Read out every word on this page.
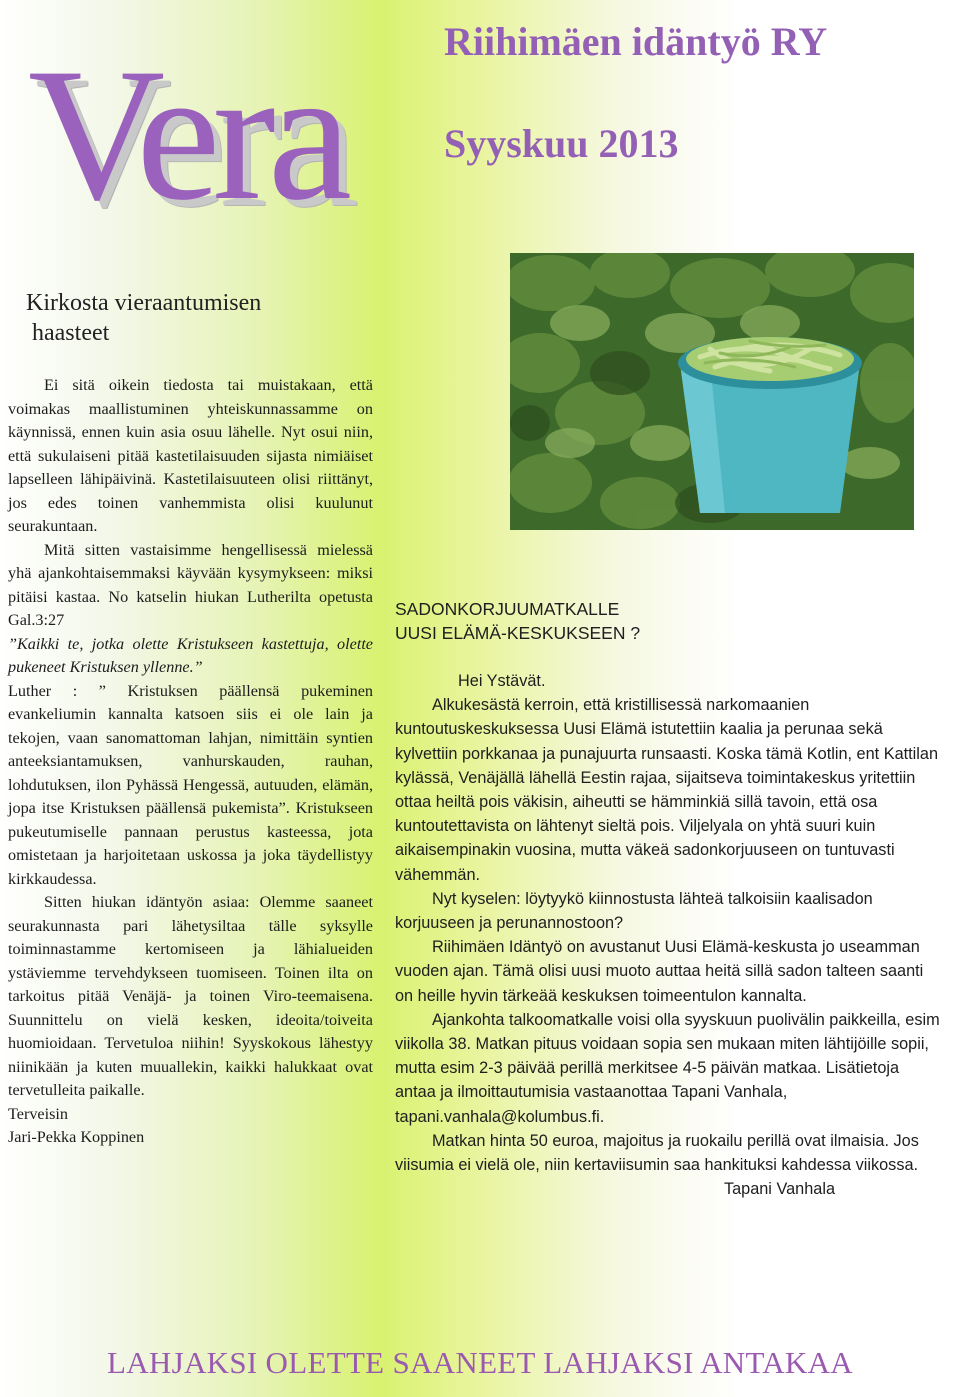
Vera Riihimäen idäntyö RY
Syyskuu 2013
Kirkosta vieraantumisen
haasteet

Ei sitä oikein tiedosta tai muistakaan, että voimakas maallistuminen yhteiskunnassamme on käynnissä, ennen kuin asia osuu lähelle. Nyt osui niin, että sukulaiseni pitää kastetilaisuuden sijasta nimiäiset lapselleen lähipäivinä. Kastetilaisuuteen olisi riittänyt, jos edes toinen vanhemmista olisi kuulunut seurakuntaan.

Mitä sitten vastaisimme hengellisessä mielessä yhä ajankohtaisemmaksi käyvään kysymykseen: miksi pitäisi kastaa. No katselin hiukan Lutherilta opetusta Gal.3:27

”Kaikki te, jotka olette Kristukseen kastettuja, olette pukeneet Kristuksen yllenne.”

Luther : ” Kristuksen päällensä pukeminen evankeliumin kannalta katsoen siis ei ole lain ja tekojen, vaan sanomattoman lahjan, nimittäin syntien anteeksiantamuksen, vanhurskauden, rauhan, lohdutuksen, ilon Pyhässä Hengessä, autuuden, elämän, jopa itse Kristuksen päällensä pukemista”. Kristukseen pukeutumiselle pannaan perustus kasteessa, jota omistetaan ja harjoitetaan uskossa ja joka täydellistyy kirkkaudessa.

Sitten hiukan idäntyön asiaa: Olemme saaneet seurakunnasta pari lähetysiltaa tälle syksylle toiminnastamme kertomiseen ja lähialueiden ystäviemme tervehdykseen tuomiseen. Toinen ilta on tarkoitus pitää Venäjä- ja toinen Viro-teemaisena. Suunnittelu on vielä kesken, ideoita/toiveita huomioidaan. Tervetuloa niihin! Syyskokous lähestyy niinikään ja kuten muuallekin, kaikki halukkaat ovat tervetulleita paikalle.

Terveisin

Jari-Pekka Koppinen

SADONKORJUUMATKALLE
UUSI ELÄMÄ-KESKUKSEEN ?

Hei Ystävät.

Alkukesästä kerroin, että kristillisessä narkomaanien kuntoutuskeskuksessa Uusi Elämä istutettiin kaalia ja perunaa sekä kylvettiin porkkanaa ja punajuurta runsaasti. Koska tämä Kotlin, ent Kattilan kylässä, Venäjällä lähellä Eestin rajaa, sijaitseva toimintakeskus yritettiin ottaa heiltä pois väkisin, aiheutti se hämminkiä sillä tavoin, että osa kuntoutettavista on lähtenyt sieltä pois. Viljelyala on yhtä suuri kuin aikaisempinakin vuosina, mutta väkeä sadonkorjuuseen on tuntuvasti vähemmän.

Nyt kyselen: löytyykö kiinnostusta lähteä talkoisiin kaalisadon korjuuseen ja perunannostoon?

Riihimäen Idäntyö on avustanut Uusi Elämä-keskusta jo useamman vuoden ajan. Tämä olisi uusi muoto auttaa heitä sillä sadon talteen saanti on heille hyvin tärkeää keskuksen toimeentulon kannalta.

Ajankohta talkoomatkalle voisi olla syyskuun puolivälin paikkeilla, esim viikolla 38. Matkan pituus voidaan sopia sen mukaan miten lähtijöille sopii, mutta esim 2-3 päivää perillä merkitsee 4-5 päivän matkaa. Lisätietoja antaa ja ilmoittautumisia vastaanottaa Tapani Vanhala, tapani.vanhala@kolumbus.fi.

Matkan hinta 50 euroa, majoitus ja ruokailu perillä ovat ilmaisia. Jos viisumia ei vielä ole, niin kertaviisumin saa hankituksi kahdessa viikossa.

Tapani Vanhala

LAHJAKSI OLETTE SAANEET LAHJAKSI ANTAKAA
